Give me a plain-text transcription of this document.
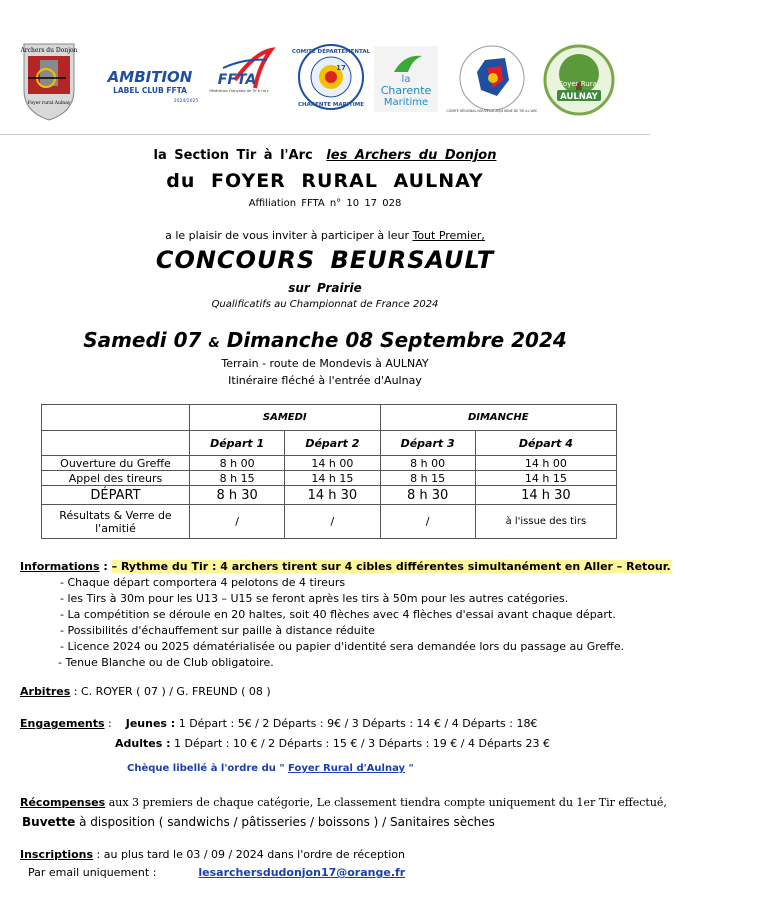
Archers du Donjon
Foyer rural Aulnay
AMBITION
LABEL CLUB FFTA
2024/2025
FFTA
Fédération Française de Tir à l'Arc
COMITÉ DÉPARTEMENTAL
CHARENTE MARITIME
17
la
Charente
Maritime
COMITÉ RÉGIONAL NOUVELLE-AQUITAINE DE TIR A L'ARC
Foyer Rural
AULNAY
la Section Tir à l'Arc les Archers du Donjon
du FOYER RURAL AULNAY
Affiliation FFTA n° 10 17 028
a le plaisir de vous inviter à participer à leur Tout Premier,
CONCOURS BEURSAULT
sur Prairie
Qualificatifs au Championnat de France 2024
Samedi 07 & Dimanche 08 Septembre 2024
Terrain - route de Mondevis à AULNAY
Itinéraire fléché à l'entrée d'Aulnay
	SAMEDI		DIMANCHE	
	Départ 1	Départ 2	Départ 3	Départ 4
Ouverture du Greffe	8 h 00	14 h 00	8 h 00	14 h 00
Appel des tireurs	8 h 15	14 h 15	8 h 15	14 h 15
DÉPART	8 h 30	14 h 30	8 h 30	14 h 30
Résultats & Verre de l'amitié	/	/	/	à l'issue des tirs
Informations : – Rythme du Tir : 4 archers tirent sur 4 cibles différentes simultanément en Aller – Retour.
- Chaque départ comportera 4 pelotons de 4 tireurs
- les Tirs à 30m pour les U13 – U15 se feront après les tirs à 50m pour les autres catégories.
- La compétition se déroule en 20 haltes, soit 40 flèches avec 4 flèches d'essai avant chaque départ.
- Possibilités d'échauffement sur paille à distance réduite
- Licence 2024 ou 2025 dématérialisée ou papier d'identité sera demandée lors du passage au Greffe.
- Tenue Blanche ou de Club obligatoire.
Arbitres : C. ROYER ( 07 ) / G. FREUND ( 08 )
Engagements : Jeunes : 1 Départ : 5€ / 2 Départs : 9€ / 3 Départs : 14 € / 4 Départs : 18€
Adultes : 1 Départ : 10 € / 2 Départs : 15 € / 3 Départs : 19 € / 4 Départs 23 €
Chèque libellé à l'ordre du " Foyer Rural d'Aulnay "
Récompenses aux 3 premiers de chaque catégorie, Le classement tiendra compte uniquement du 1er Tir effectué,
Buvette à disposition ( sandwichs / pâtisseries / boissons ) / Sanitaires sèches
Inscriptions : au plus tard le 03 / 09 / 2024 dans l'ordre de réception
Par email uniquement :	lesarchersdudonjon17@orange.fr
